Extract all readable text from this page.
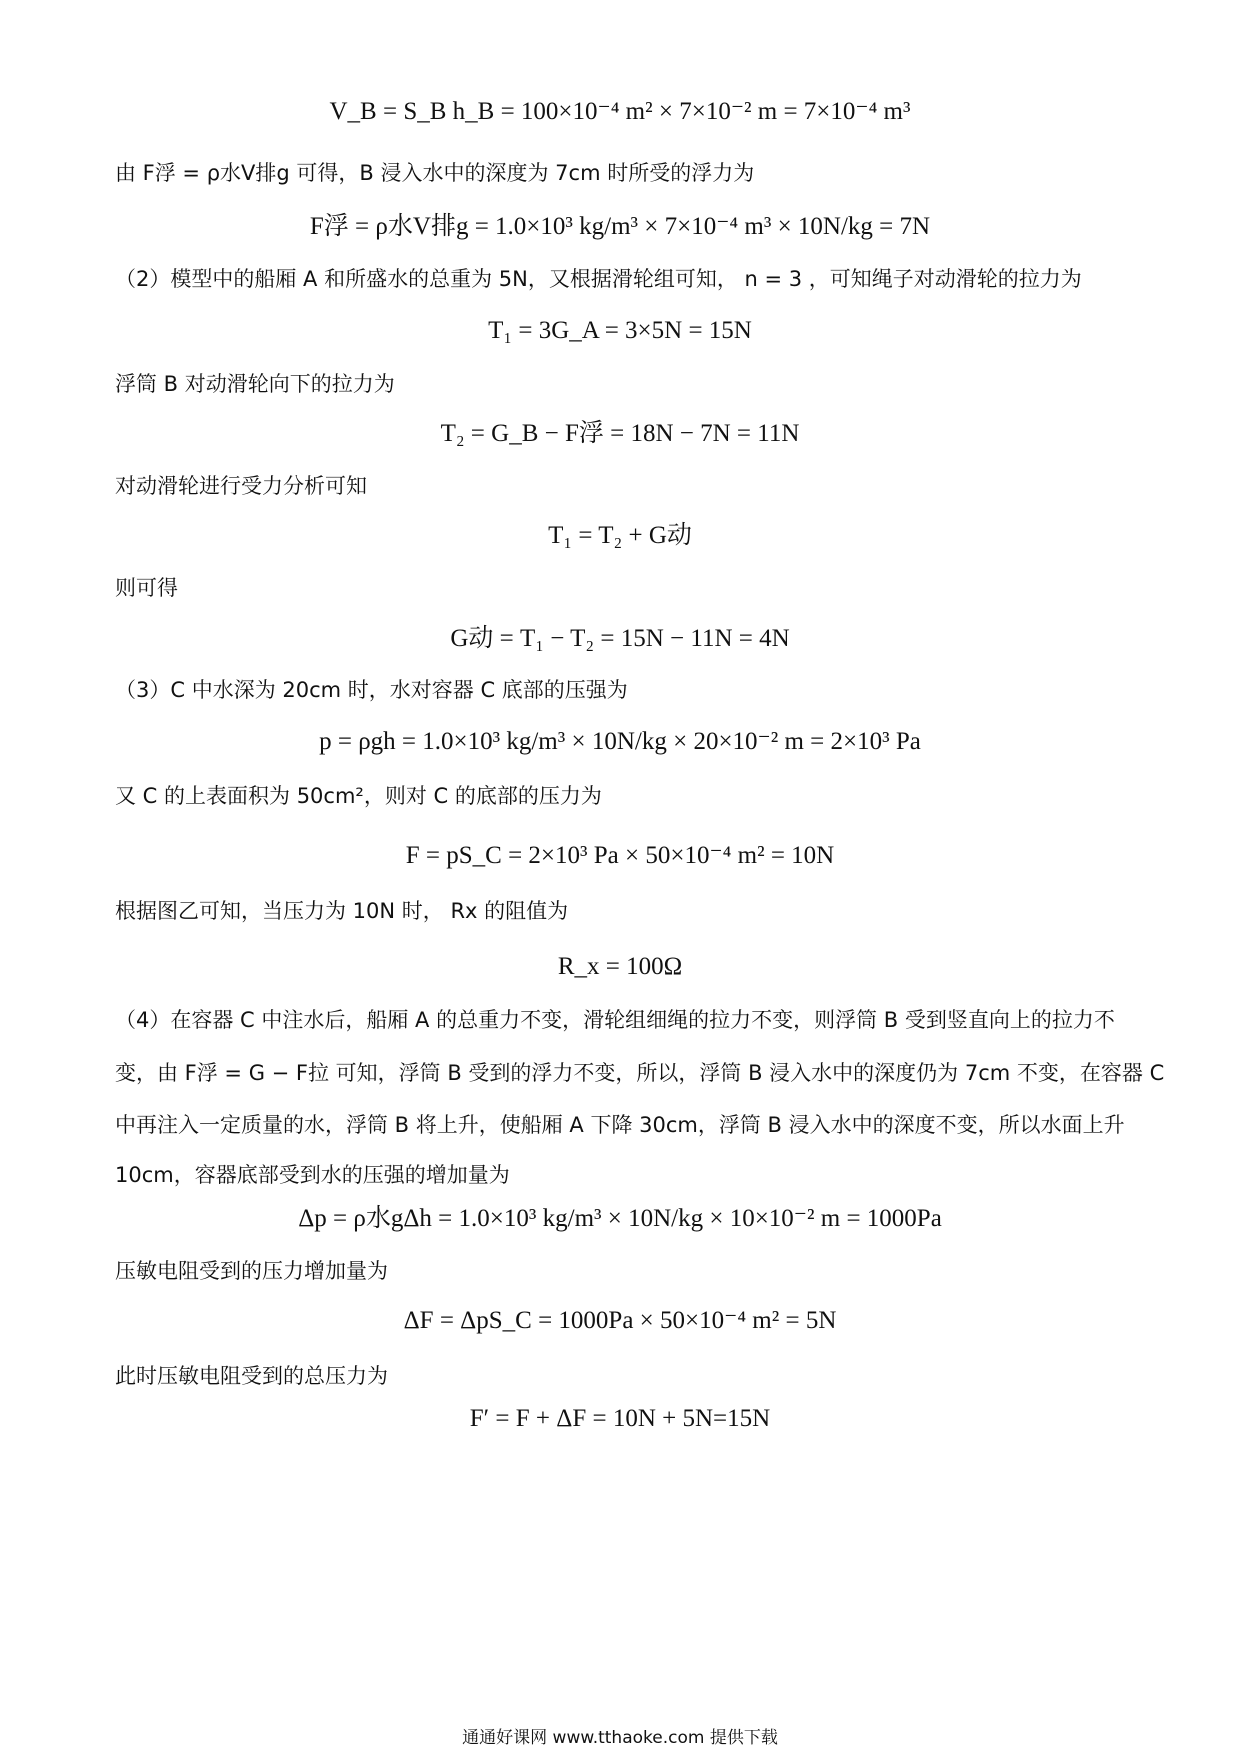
V_B = S_B h_B = 100×10⁻⁴ m² × 7×10⁻² m = 7×10⁻⁴ m³
由 F浮 = ρ水V排g 可得，B 浸入水中的深度为 7cm 时所受的浮力为
F浮 = ρ水V排g = 1.0×10³ kg/m³ × 7×10⁻⁴ m³ × 10N/kg = 7N
（2）模型中的船厢 A 和所盛水的总重为 5N，又根据滑轮组可知， n = 3 ，可知绳子对动滑轮的拉力为
T₁ = 3G_A = 3×5N = 15N
浮筒 B 对动滑轮向下的拉力为
T₂ = G_B − F浮 = 18N − 7N = 11N
对动滑轮进行受力分析可知
T₁ = T₂ + G动
则可得
G动 = T₁ − T₂ = 15N − 11N = 4N
（3）C 中水深为 20cm 时，水对容器 C 底部的压强为
p = ρgh = 1.0×10³ kg/m³ × 10N/kg × 20×10⁻² m = 2×10³ Pa
又 C 的上表面积为 50cm²，则对 C 的底部的压力为
F = pS_C = 2×10³ Pa × 50×10⁻⁴ m² = 10N
根据图乙可知，当压力为 10N 时， Rx 的阻值为
R_x = 100Ω
（4）在容器 C 中注水后，船厢 A 的总重力不变，滑轮组细绳的拉力不变，则浮筒 B 受到竖直向上的拉力不
变，由 F浮 = G − F拉 可知，浮筒 B 受到的浮力不变，所以，浮筒 B 浸入水中的深度仍为 7cm 不变，在容器 C
中再注入一定质量的水，浮筒 B 将上升，使船厢 A 下降 30cm，浮筒 B 浸入水中的深度不变，所以水面上升
10cm，容器底部受到水的压强的增加量为
Δp = ρ水gΔh = 1.0×10³ kg/m³ × 10N/kg × 10×10⁻² m = 1000Pa
压敏电阻受到的压力增加量为
ΔF = ΔpS_C = 1000Pa × 50×10⁻⁴ m² = 5N
此时压敏电阻受到的总压力为
F′ = F + ΔF = 10N + 5N=15N
通通好课网 www.tthaoke.com 提供下载
